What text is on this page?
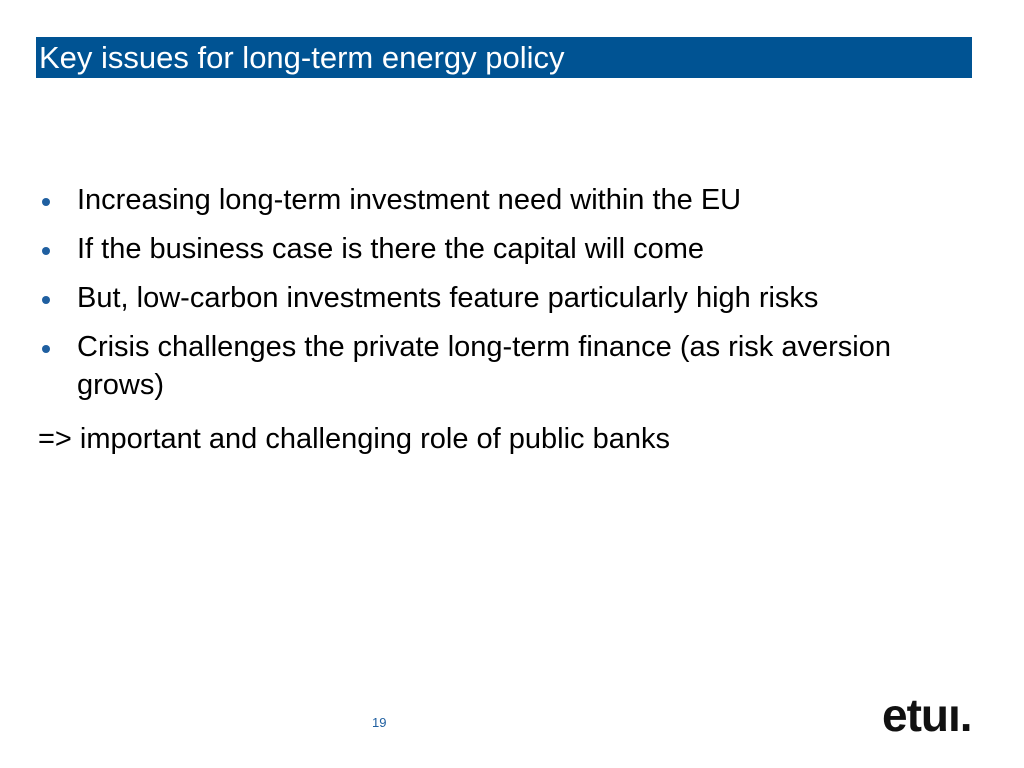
Key issues for long-term energy policy
Increasing long-term investment need within the EU
If the business case is there the capital will come
But, low-carbon investments feature particularly high risks
Crisis challenges the private long-term finance (as risk aversion grows)
=> important and challenging role of public banks
19	etuı.
